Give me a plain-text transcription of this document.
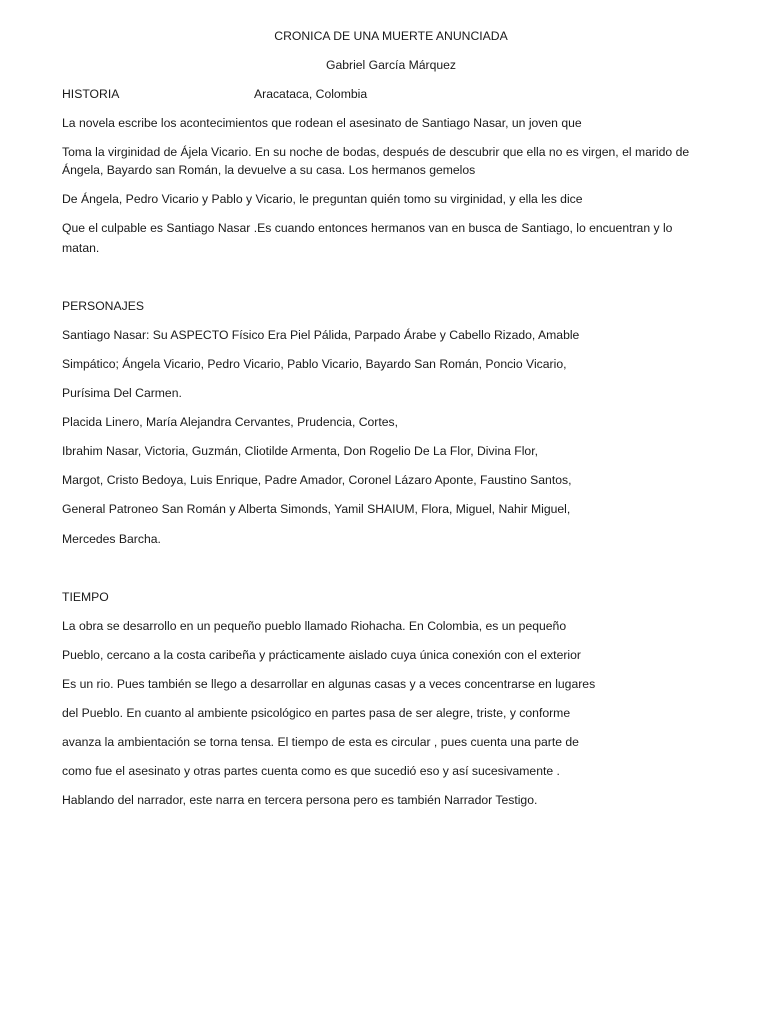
CRONICA DE UNA MUERTE ANUNCIADA
Gabriel García Márquez
HISTORIA	Aracataca, Colombia
La novela escribe los acontecimientos que rodean el asesinato de Santiago Nasar, un joven que
Toma la virginidad de Ájela Vicario. En su noche de bodas, después de descubrir que ella no es virgen, el marido de
Ángela, Bayardo san Román, la devuelve a su casa. Los hermanos gemelos
De Ángela, Pedro Vicario y Pablo y Vicario, le preguntan quién tomo su virginidad, y ella les dice
Que el culpable es Santiago Nasar .Es cuando entonces hermanos van en busca de Santiago, lo encuentran y lo
matan.
PERSONAJES
Santiago Nasar: Su ASPECTO Físico Era Piel Pálida, Parpado Árabe y Cabello Rizado, Amable
Simpático; Ángela Vicario, Pedro Vicario, Pablo Vicario, Bayardo San Román, Poncio Vicario,
Purísima Del Carmen.
Placida Linero, María Alejandra Cervantes, Prudencia, Cortes,
Ibrahim Nasar, Victoria, Guzmán, Cliotilde Armenta, Don Rogelio De La Flor, Divina Flor,
Margot, Cristo Bedoya, Luis Enrique, Padre Amador, Coronel Lázaro Aponte, Faustino Santos,
General Patroneo San Román y Alberta Simonds, Yamil SHAIUM, Flora, Miguel, Nahir Miguel,
Mercedes Barcha.
TIEMPO
La obra se desarrollo en un pequeño pueblo llamado Riohacha. En Colombia, es un pequeño
Pueblo, cercano a la costa caribeña y prácticamente aislado cuya única conexión con el exterior
Es un rio. Pues también se llego a desarrollar en algunas casas y a veces concentrarse en lugares
del Pueblo. En cuanto al ambiente psicológico en partes pasa de ser alegre, triste, y conforme
avanza la ambientación se torna tensa. El tiempo de esta es circular , pues cuenta una parte de
como fue el asesinato y otras partes cuenta como es que sucedió eso y así sucesivamente .
Hablando del narrador, este narra en tercera persona pero es también Narrador Testigo.
